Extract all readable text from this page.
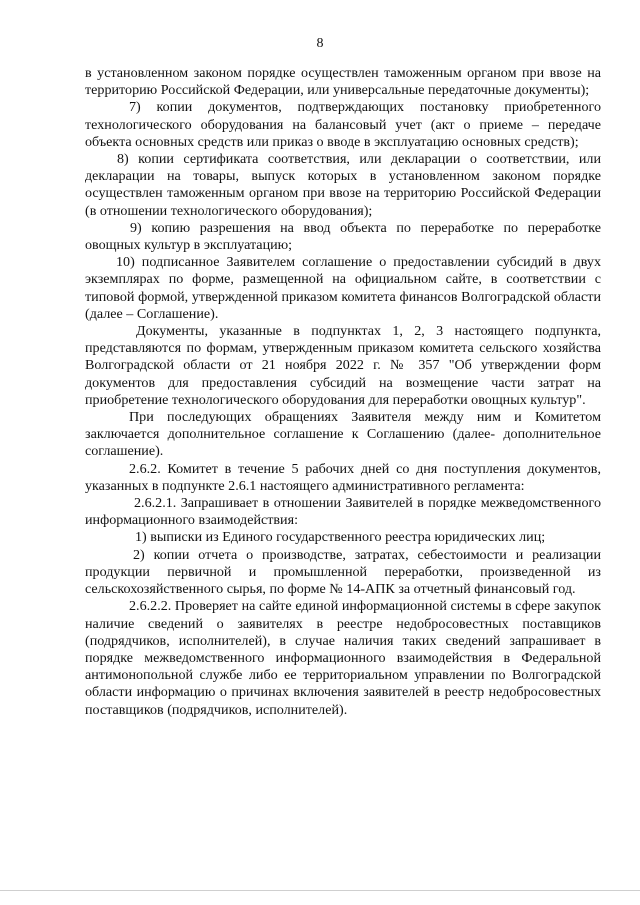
8

в установленном законом порядке осуществлен таможенным органом при ввозе на территорию Российской Федерации, или универсальные передаточные документы);

7) копии документов, подтверждающих постановку приобретенного технологического оборудования на балансовый учет (акт о приеме – передаче объекта основных средств или приказ о вводе в эксплуатацию основных средств);

8) копии сертификата соответствия, или декларации о соответствии, или декларации на товары, выпуск которых в установленном законом порядке осуществлен таможенным органом при ввозе на территорию Российской Федерации (в отношении технологического оборудования);

9) копию разрешения на ввод объекта по переработке по переработке овощных культур в эксплуатацию;

10) подписанное Заявителем соглашение о предоставлении субсидий в двух экземплярах по форме, размещенной на официальном сайте, в соответствии с типовой формой, утвержденной приказом комитета финансов Волгоградской области (далее – Соглашение).

Документы, указанные в подпунктах 1, 2, 3 настоящего подпункта, представляются по формам, утвержденным приказом комитета сельского хозяйства Волгоградской области от 21 ноября 2022 г. № 357 "Об утверждении форм документов для предоставления субсидий на возмещение части затрат на приобретение технологического оборудования для переработки овощных культур".

При последующих обращениях Заявителя между ним и Комитетом заключается дополнительное соглашение к Соглашению (далее- дополнительное соглашение).

2.6.2. Комитет в течение 5 рабочих дней со дня поступления документов, указанных в подпункте 2.6.1 настоящего административного регламента:

2.6.2.1. Запрашивает в отношении Заявителей в порядке межведомственного информационного взаимодействия:

1) выписки из Единого государственного реестра юридических лиц;

2) копии отчета о производстве, затратах, себестоимости и реализации продукции первичной и промышленной переработки, произведенной из сельскохозяйственного сырья, по форме № 14-АПК за отчетный финансовый год.

2.6.2.2. Проверяет на сайте единой информационной системы в сфере закупок наличие сведений о заявителях в реестре недобросовестных поставщиков (подрядчиков, исполнителей), в случае наличия таких сведений запрашивает в порядке межведомственного информационного взаимодействия в Федеральной антимонопольной службе либо ее территориальном управлении по Волгоградской области информацию о причинах включения заявителей в реестр недобросовестных поставщиков (подрядчиков, исполнителей).
